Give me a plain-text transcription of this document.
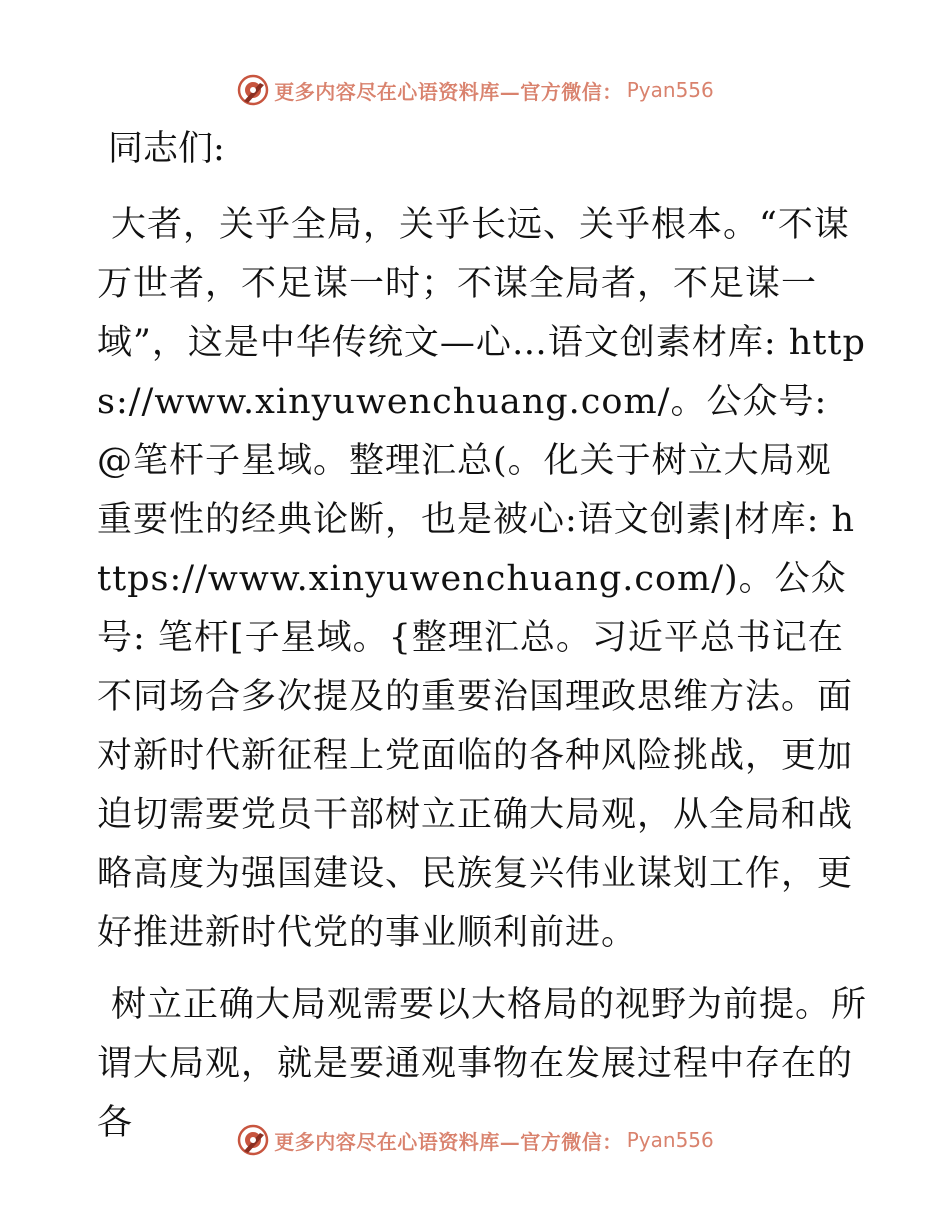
更多内容尽在心语资料库—官方微信： Pyan556

同志们:

大者，关乎全局，关乎长远、关乎根本。“不谋万世者，不足谋一时；不谋全局者，不足谋一域”，这是中华传统文—心…语文创素材库: https://www.xinyuwenchuang.com/。公众号: @笔杆子星域。整理汇总(。化关于树立大局观重要性的经典论断，也是被心:语文创素|材库: https://www.xinyuwenchuang.com/)。公众号: 笔杆[子星域。{整理汇总。习近平总书记在不同场合多次提及的重要治国理政思维方法。面对新时代新征程上党面临的各种风险挑战，更加迫切需要党员干部树立正确大局观，从全局和战略高度为强国建设、民族复兴伟业谋划工作，更好推进新时代党的事业顺利前进。

树立正确大局观需要以大格局的视野为前提。所谓大局观，就是要通观事物在发展过程中存在的各	更多内容尽在心语资料库—官方微信： Pyan556
